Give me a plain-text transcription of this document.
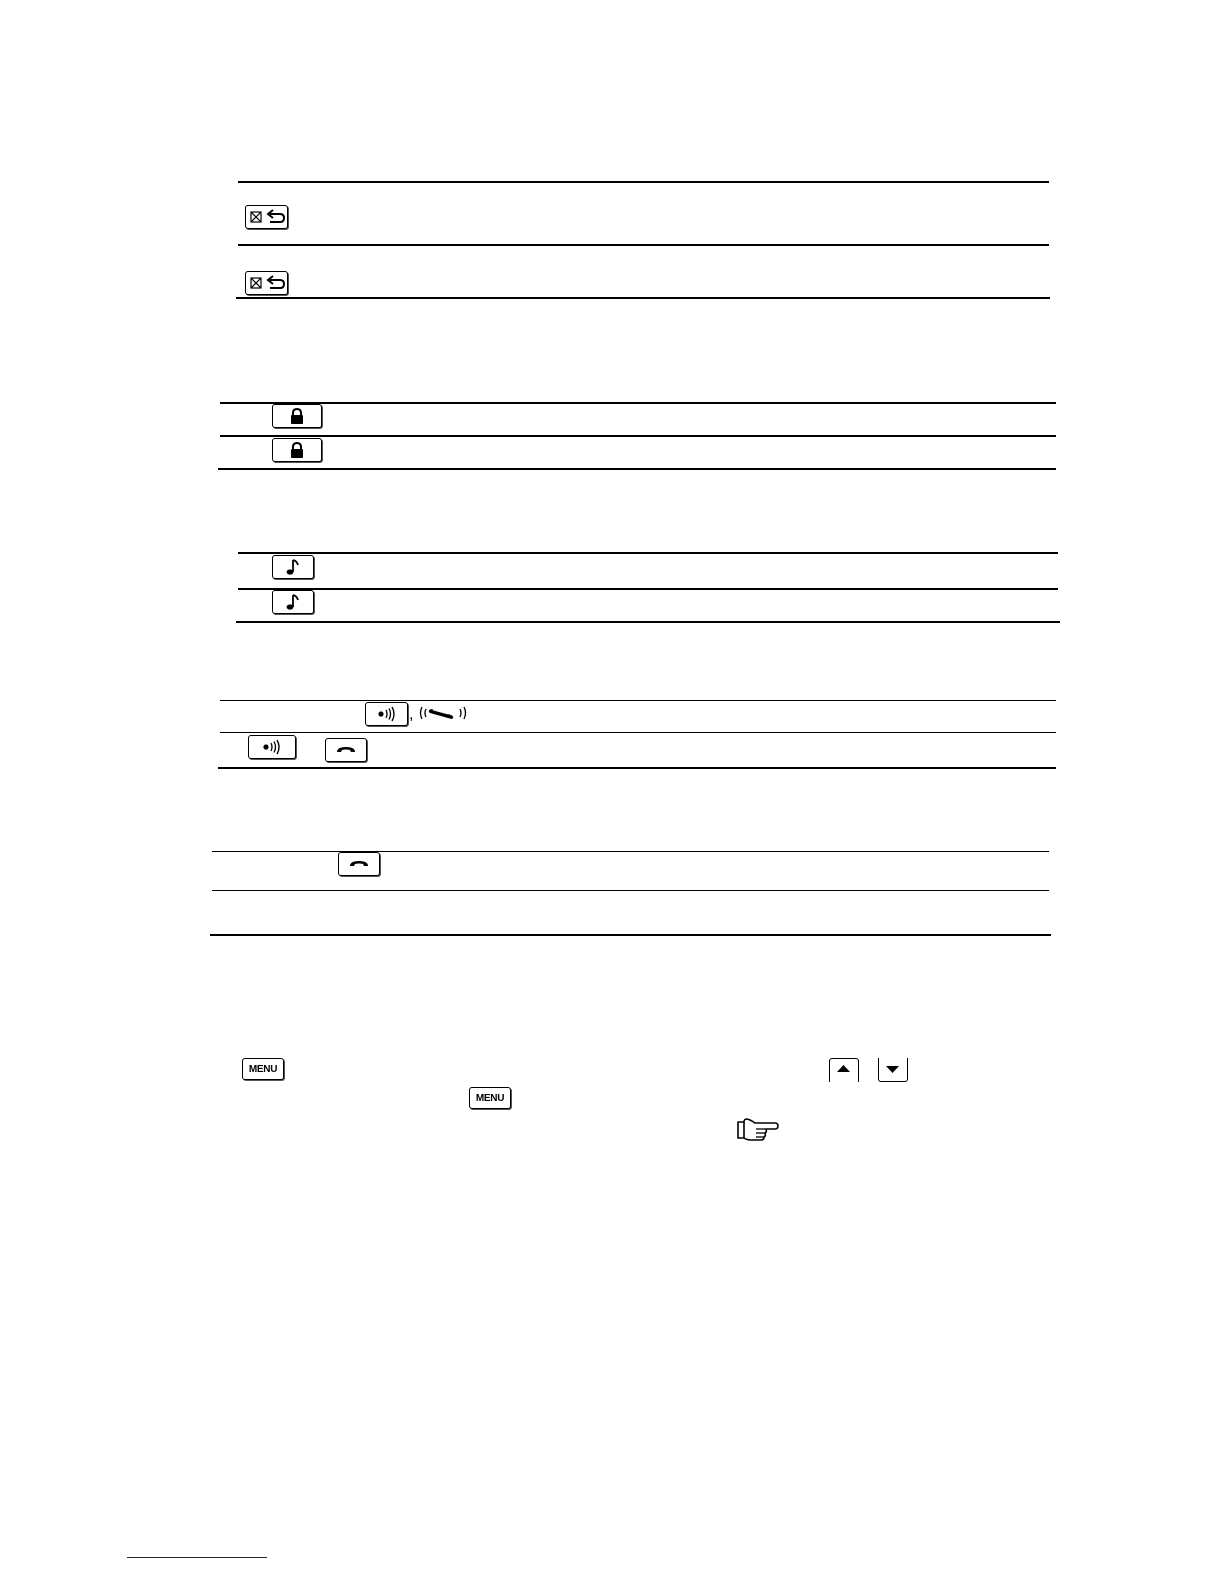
,
MENU
MENU
